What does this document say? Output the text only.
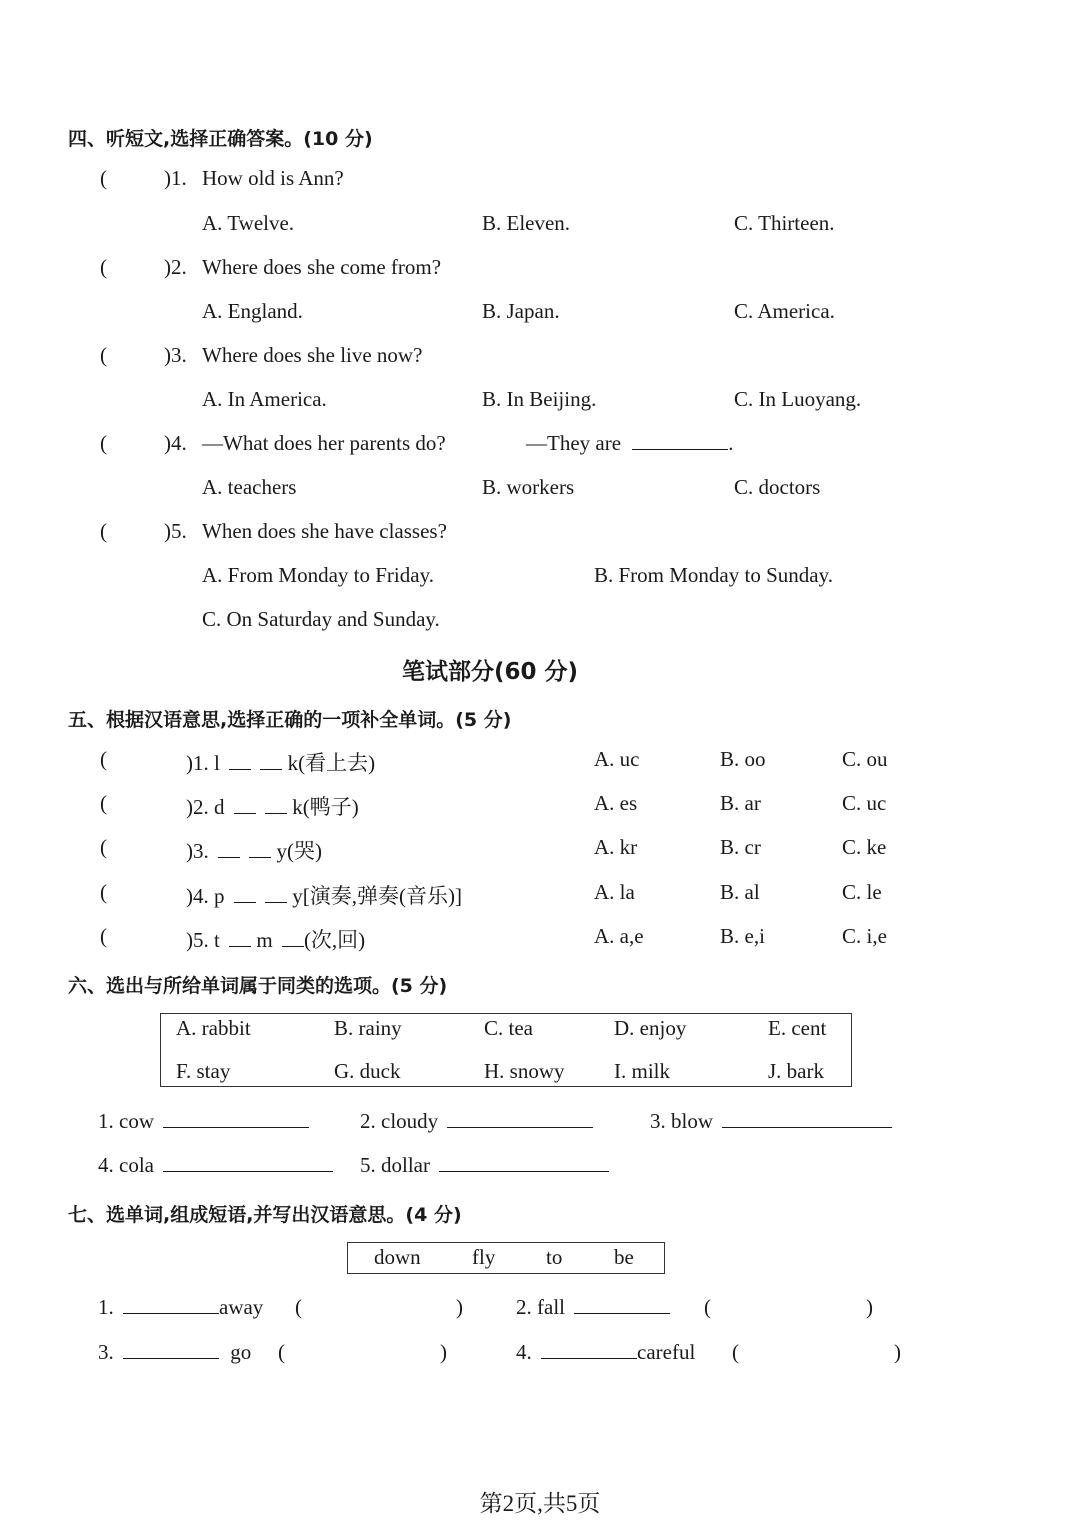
四、听短文,选择正确答案。(10 分)
(	)1. How old is Ann?
A. Twelve.	B. Eleven.	C. Thirteen.
(	)2. Where does she come from?
A. England.	B. Japan.	C. America.
(	)3. Where does she live now?
A. In America.	B. In Beijing.	C. In Luoyang.
(	)4. —What does her parents do?	—They are	.
A. teachers	B. workers	C. doctors
(	)5. When does she have classes?
A. From Monday to Friday.	B. From Monday to Sunday.
C. On Saturday and Sunday.
笔试部分(60 分)
五、根据汉语意思,选择正确的一项补全单词。(5 分)
(	)1. l	k(看上去)	A. uc	B. oo	C. ou
(	)2. d	k(鸭子)	A. es	B. ar	C. uc
(	)3.	y(哭)	A. kr	B. cr	C. ke
(	)4. p	y[演奏,弹奏(音乐)]	A. la	B. al	C. le
(	)5. t m (次,回)	A. a,e	B. e,i	C. i,e
六、选出与所给单词属于同类的选项。(5 分)
A. rabbit	B. rainy	C. tea	D. enjoy	E. cent
F. stay	G. duck	H. snowy I. milk	J. bark
1. cow	2. cloudy	3. blow
4. cola	5. dollar
七、选单词,组成短语,并写出汉语意思。(4 分)
down fly to be
1.	away (	)	2. fall	(	)
3.	go (	)	4.	careful (	)
第2页,共5页
